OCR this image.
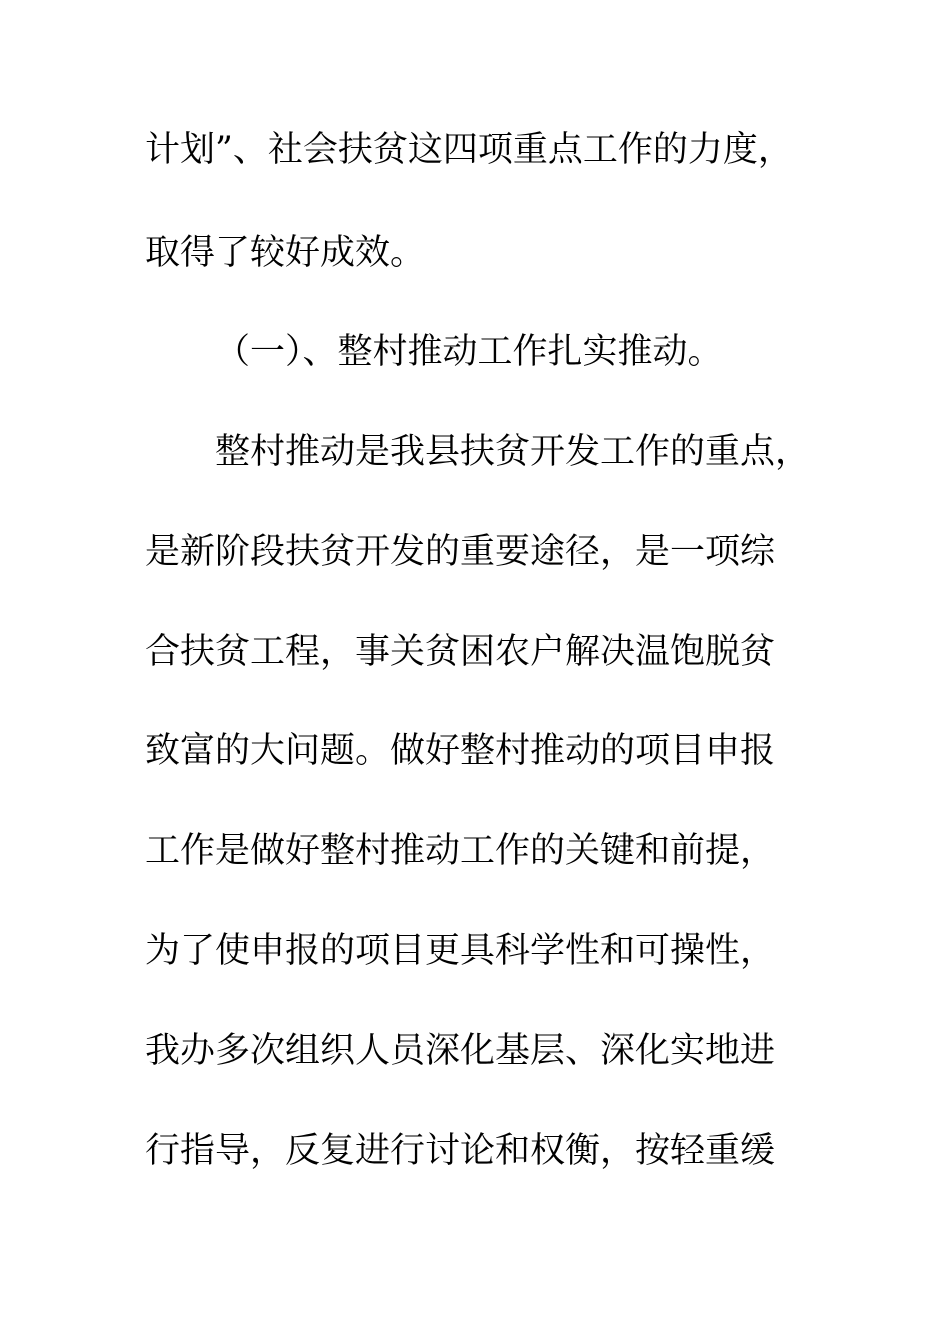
计划”、社会扶贫这四项重点工作的力度，
取得了较好成效。
（一）、整村推动工作扎实推动。
整村推动是我县扶贫开发工作的重点，
是新阶段扶贫开发的重要途径，是一项综
合扶贫工程，事关贫困农户解决温饱脱贫
致富的大问题。做好整村推动的项目申报
工作是做好整村推动工作的关键和前提，
为了使申报的项目更具科学性和可操性，
我办多次组织人员深化基层、深化实地进
行指导，反复进行讨论和权衡，按轻重缓
